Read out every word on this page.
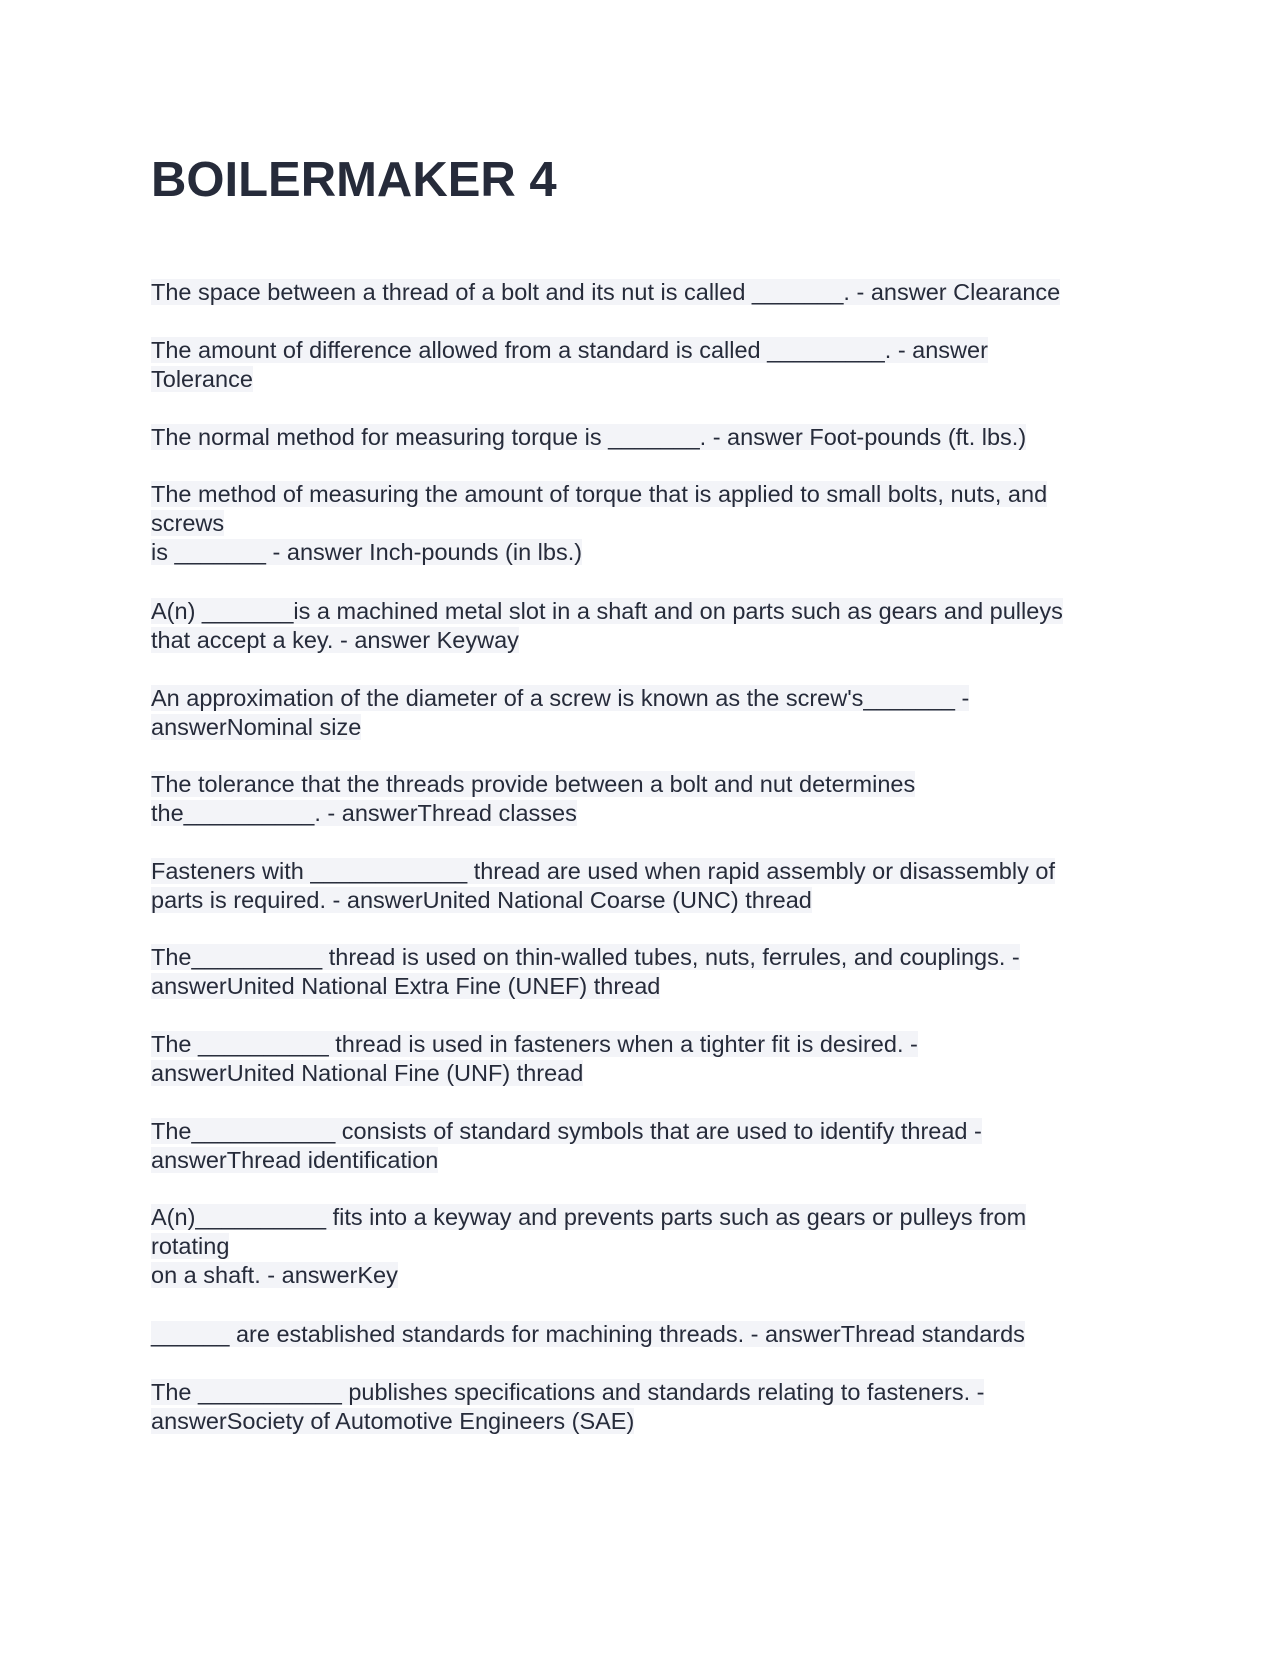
BOILERMAKER 4
The space between a thread of a bolt and its nut is called _______. - answer Clearance
The amount of difference allowed from a standard is called _________. - answer
Tolerance
The normal method for measuring torque is _______. - answer Foot-pounds (ft. lbs.)
The method of measuring the amount of torque that is applied to small bolts, nuts, and
screws
is _______ - answer Inch-pounds (in lbs.)
A(n) _______is a machined metal slot in a shaft and on parts such as gears and pulleys
that accept a key. - answer Keyway
An approximation of the diameter of a screw is known as the screw's_______ -
answerNominal size
The tolerance that the threads provide between a bolt and nut determines
the__________. - answerThread classes
Fasteners with ____________ thread are used when rapid assembly or disassembly of
parts is required. - answerUnited National Coarse (UNC) thread
The__________ thread is used on thin-walled tubes, nuts, ferrules, and couplings. -
answerUnited National Extra Fine (UNEF) thread
The __________ thread is used in fasteners when a tighter fit is desired. -
answerUnited National Fine (UNF) thread
The___________ consists of standard symbols that are used to identify thread -
answerThread identification
A(n)__________ fits into a keyway and prevents parts such as gears or pulleys from
rotating
on a shaft. - answerKey
______ are established standards for machining threads. - answerThread standards
The ___________ publishes specifications and standards relating to fasteners. -
answerSociety of Automotive Engineers (SAE)
